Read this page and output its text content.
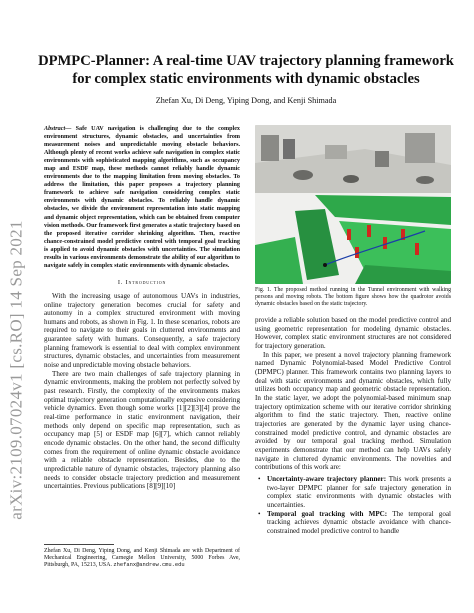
arXiv:2109.07024v1 [cs.RO] 14 Sep 2021
DPMPC-Planner: A real-time UAV trajectory planning framework for complex static environments with dynamic obstacles
Zhefan Xu, Di Deng, Yiping Dong, and Kenji Shimada

Abstract— Safe UAV navigation is challenging due to the complex environment structures, dynamic obstacles, and uncertainties from measurement noises and unpredictable moving obstacle behaviors. Although plenty of recent works achieve safe navigation in complex static environments with sophisticated mapping algorithms, such as occupancy map and ESDF map, these methods cannot reliably handle dynamic environments due to the mapping limitation from moving obstacles. To address the limitation, this paper proposes a trajectory planning framework to achieve safe navigation considering complex static environments with dynamic obstacles. To reliably handle dynamic obstacles, we divide the environment representation into static mapping and dynamic object representation, which can be obtained from computer vision methods. Our framework first generates a static trajectory based on the proposed iterative corridor shrinking algorithm. Then, reactive chance-constrained model predictive control with temporal goal tracking is applied to avoid dynamic obstacles with uncertainties. The simulation results in various environments demonstrate the ability of our algorithm to navigate safely in complex static environments with dynamic obstacles.

I. Introduction

With the increasing usage of autonomous UAVs in industries, online trajectory generation becomes crucial for safety and autonomy in a complex structured environment with moving humans and robots, as shown in Fig. 1. In these scenarios, robots are required to navigate to their goals in cluttered environments and guarantee safety with humans. Consequently, a safe trajectory planning framework is essential to deal with complex environment structures, dynamic obstacles, and uncertainties from measurement noise and unpredictable moving obstacle behaviors.

There are two main challenges of safe trajectory planning in dynamic environments, making the problem not perfectly solved by past research. Firstly, the complexity of the environments makes optimal trajectory generation computationally expensive considering vehicle dynamics. Even though some works [1][2][3][4] prove the real-time performance in static environment navigation, their methods only depend on specific map representation, such as occupancy map [5] or ESDF map [6][7], which cannot reliably encode dynamic obstacles. On the other hand, the second difficulty comes from the requirement of online dynamic obstacle avoidance with a reliable obstacle representation. Besides, due to the unpredictable nature of dynamic obstacles, trajectory planning also needs to consider obstacle trajectory prediction and measurement uncertainties. Previous publications [8][9][10]

Zhefan Xu, Di Deng, Yiping Dong, and Kenji Shimada are with Department of Mechanical Engineering, Carnegie Mellon University, 5000 Forbes Ave, Pittsburgh, PA, 15213, USA. zhefanx@andrew.cmu.edu
Fig. 1. The proposed method running in the Tunnel environment with walking persons and moving robots. The bottom figure shows how the quadrotor avoids dynamic obstacles based on the static trajectory.

provide a reliable solution based on the model predictive control and using geometric representation for modeling dynamic obstacles. However, complex static environment structures are not considered for trajectory generation.

In this paper, we present a novel trajectory planning framework named Dynamic Polynomial-based Model Predictive Control (DPMPC) planner. This framework contains two planning layers to deal with static environments and dynamic obstacles, which fully utilizes both occupancy map and geometric obstacle representation. In the static layer, we adopt the polynomial-based minimum snap trajectory optimization scheme with our iterative corridor shrinking algorithm to find the static trajectory. Then, reactive online trajectories are generated by the dynamic layer using chance-constrained model predictive control, and dynamic obstacles are avoided by our temporal goal tracking method. Simulation experiments demonstrate that our method can help UAVs safely navigate in cluttered dynamic environments. The novelties and contributions of this work are:

• Uncertainty-aware trajectory planner: This work presents a two-layer DPMPC planner for safe trajectory generation in complex static environments with dynamic obstacles with uncertainties.
• Temporal goal tracking with MPC: The temporal goal tracking achieves dynamic obstacle avoidance with chance-constrained model predictive control to handle
